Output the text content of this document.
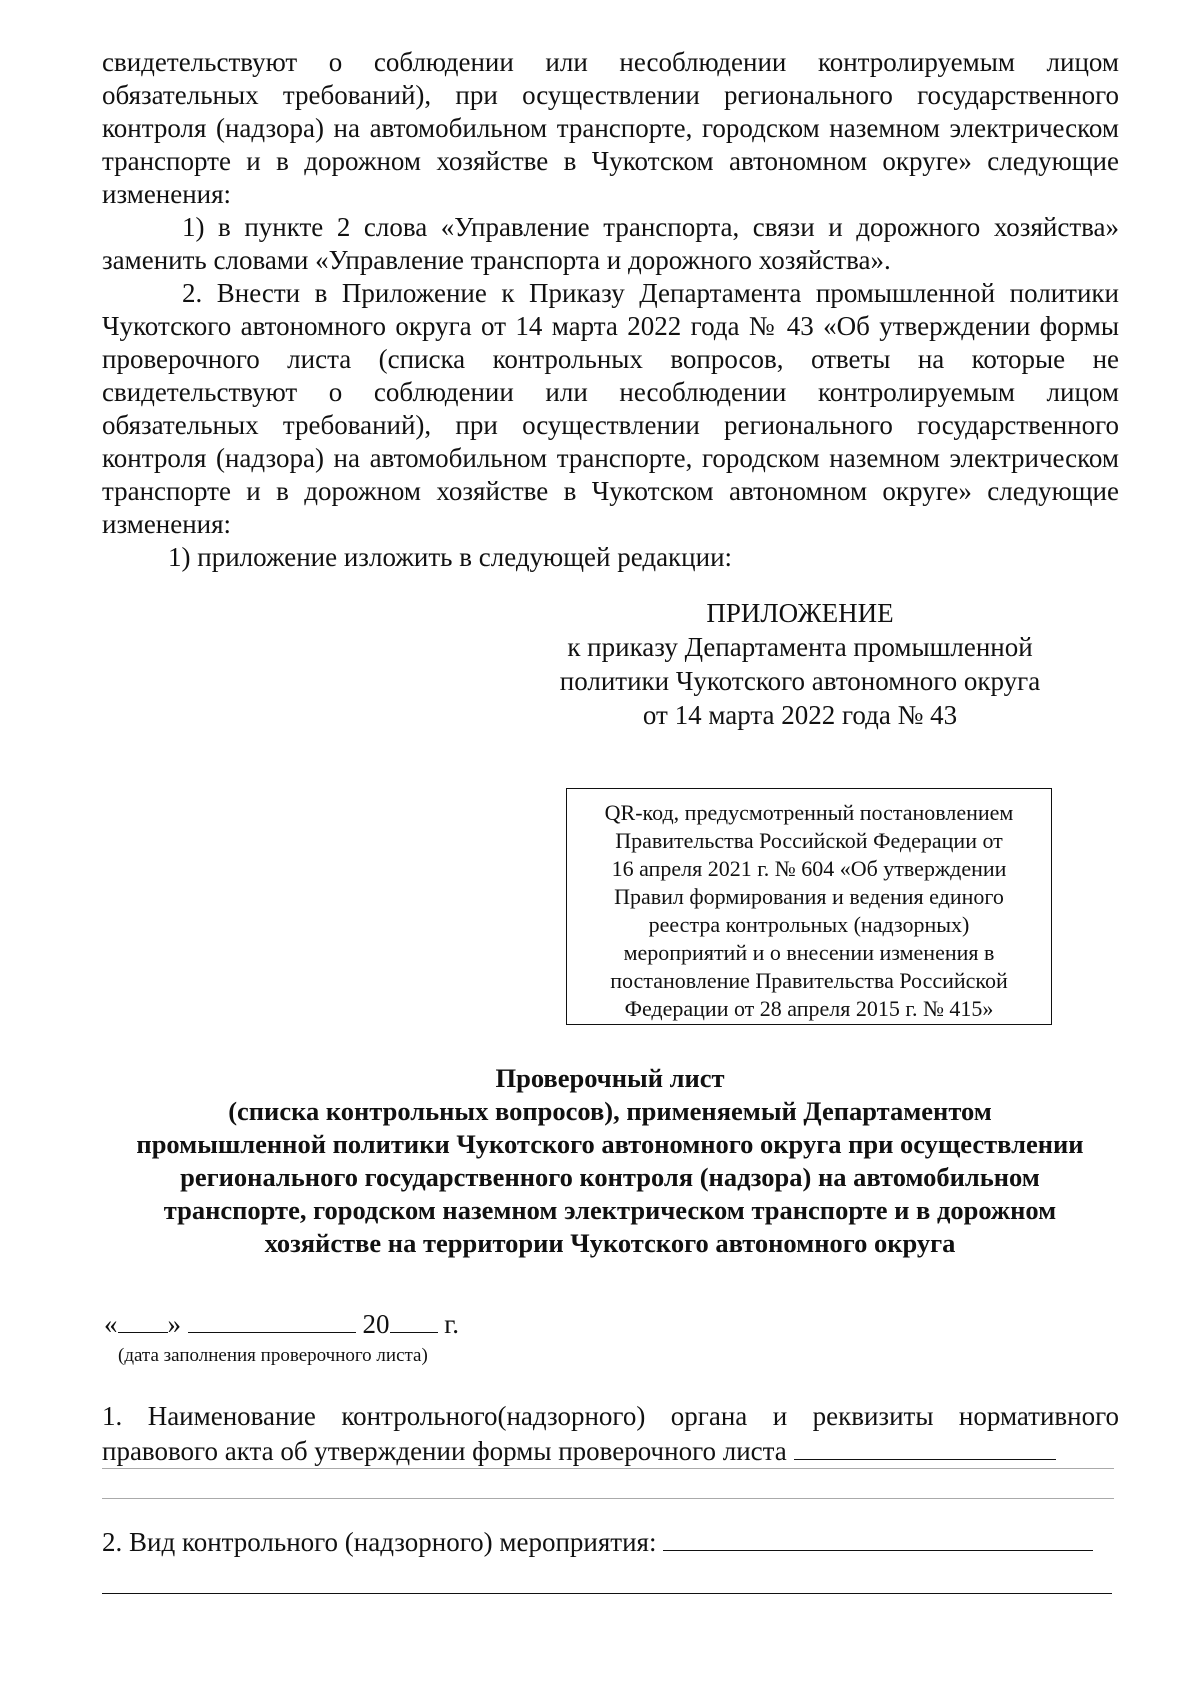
свидетельствуют о соблюдении или несоблюдении контролируемым лицом обязательных требований), при осуществлении регионального государственного контроля (надзора) на автомобильном транспорте, городском наземном электрическом транспорте и в дорожном хозяйстве в Чукотском автономном округе» следующие изменения:

1) в пункте 2 слова «Управление транспорта, связи и дорожного хозяйства» заменить словами «Управление транспорта и дорожного хозяйства».

2. Внести в Приложение к Приказу Департамента промышленной политики Чукотского автономного округа от 14 марта 2022 года № 43 «Об утверждении формы проверочного листа (списка контрольных вопросов, ответы на которые не свидетельствуют о соблюдении или несоблюдении контролируемым лицом обязательных требований), при осуществлении регионального государственного контроля (надзора) на автомобильном транспорте, городском наземном электрическом транспорте и в дорожном хозяйстве в Чукотском автономном округе» следующие изменения:

1) приложение изложить в следующей редакции:

ПРИЛОЖЕНИЕ
к приказу Департамента промышленной
политики Чукотского автономного округа
от 14 марта 2022 года № 43
QR-код, предусмотренный постановлением
Правительства Российской Федерации от
16 апреля 2021 г. № 604 «Об утверждении
Правил формирования и ведения единого
реестра контрольных (надзорных)
мероприятий и о внесении изменения в
постановление Правительства Российской
Федерации от 28 апреля 2015 г. № 415»
Проверочный лист
(списка контрольных вопросов), применяемый Департаментом
промышленной политики Чукотского автономного округа при осуществлении
регионального государственного контроля (надзора) на автомобильном
транспорте, городском наземном электрическом транспорте и в дорожном
хозяйстве на территории Чукотского автономного округа
« »	20 г.
(дата заполнения проверочного листа)

1. Наименование контрольного(надзорного) органа и реквизиты нормативного правового акта об утверждении формы проверочного листа

2. Вид контрольного (надзорного) мероприятия:
